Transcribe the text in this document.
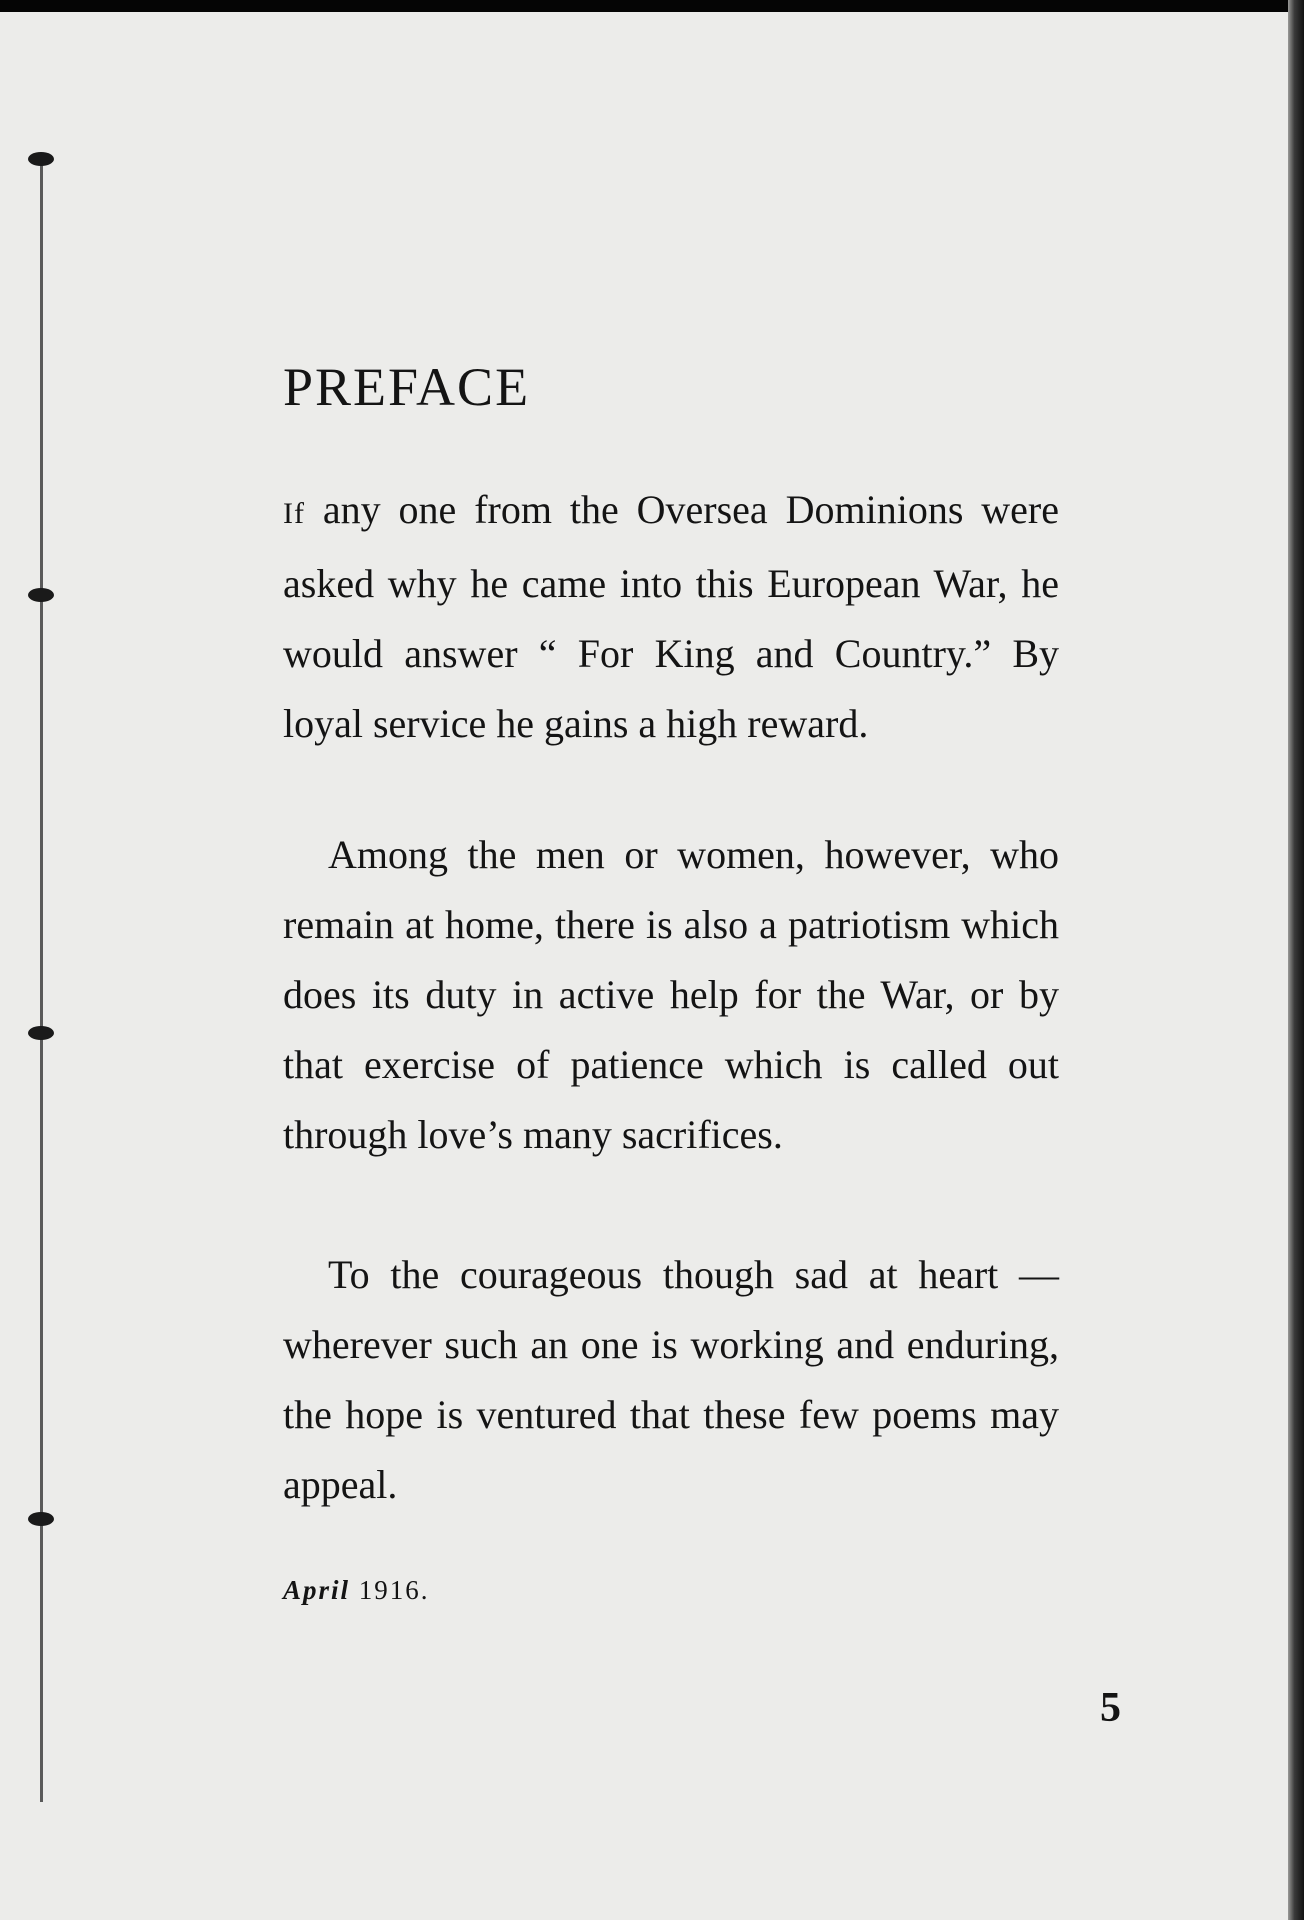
PREFACE

If any one from the Oversea Dominions were asked why he came into this European War, he would answer “ For King and Country.” By loyal service he gains a high reward.

Among the men or women, however, who remain at home, there is also a patriotism which does its duty in active help for the War, or by that exercise of patience which is called out through love’s many sacrifices.

To the courageous though sad at heart —wherever such an one is working and enduring, the hope is ventured that these few poems may appeal.

April 1916.
5
